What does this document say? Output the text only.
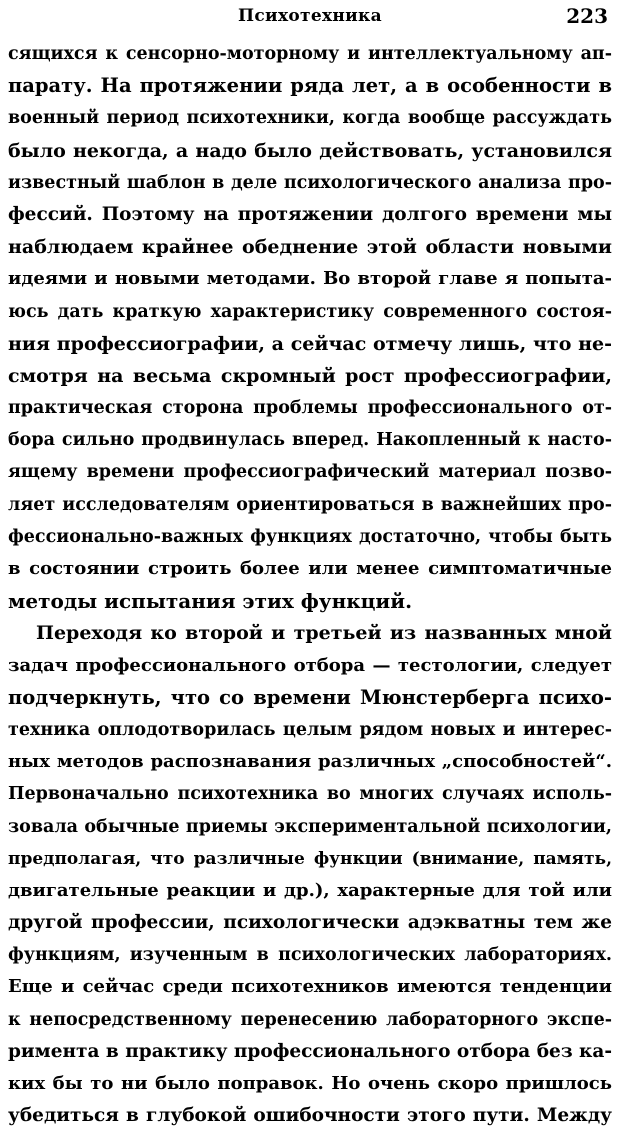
Психотехника	223
сящихся к сенсорно-моторному и интеллектуальному ап-
парату. На протяжении ряда лет, а в особенности в
военный период психотехники, когда вообще рассуждать
было некогда, а надо было действовать, установился
известный шаблон в деле психологического анализа про-
фессий. Поэтому на протяжении долгого времени мы
наблюдаем крайнее обеднение этой области новыми
идеями и новыми методами. Во второй главе я попыта-
юсь дать краткую характеристику современного состоя-
ния профессиографии, а сейчас отмечу лишь, что не-
смотря на весьма скромный рост профессиографии,
практическая сторона проблемы профессионального от-
бора сильно продвинулась вперед. Накопленный к насто-
ящему времени профессиографический материал позво-
ляет исследователям ориентироваться в важнейших про-
фессионально-важных функциях достаточно, чтобы быть
в состоянии строить более или менее симптоматичные
методы испытания этих функций.
Переходя ко второй и третьей из названных мной
задач профессионального отбора — тестологии, следует
подчеркнуть, что со времени Мюнстерберга психо-
техника оплодотворилась целым рядом новых и интерес-
ных методов распознавания различных „способностей“.
Первоначально психотехника во многих случаях исполь-
зовала обычные приемы экспериментальной психологии,
предполагая, что различные функции (внимание, память,
двигательные реакции и др.), характерные для той или
другой профессии, психологически адэкватны тем же
функциям, изученным в психологических лабораториях.
Еще и сейчас среди психотехников имеются тенденции
к непосредственному перенесению лабораторного экспе-
римента в практику профессионального отбора без ка-
ких бы то ни было поправок. Но очень скоро пришлось
убедиться в глубокой ошибочности этого пути. Между
